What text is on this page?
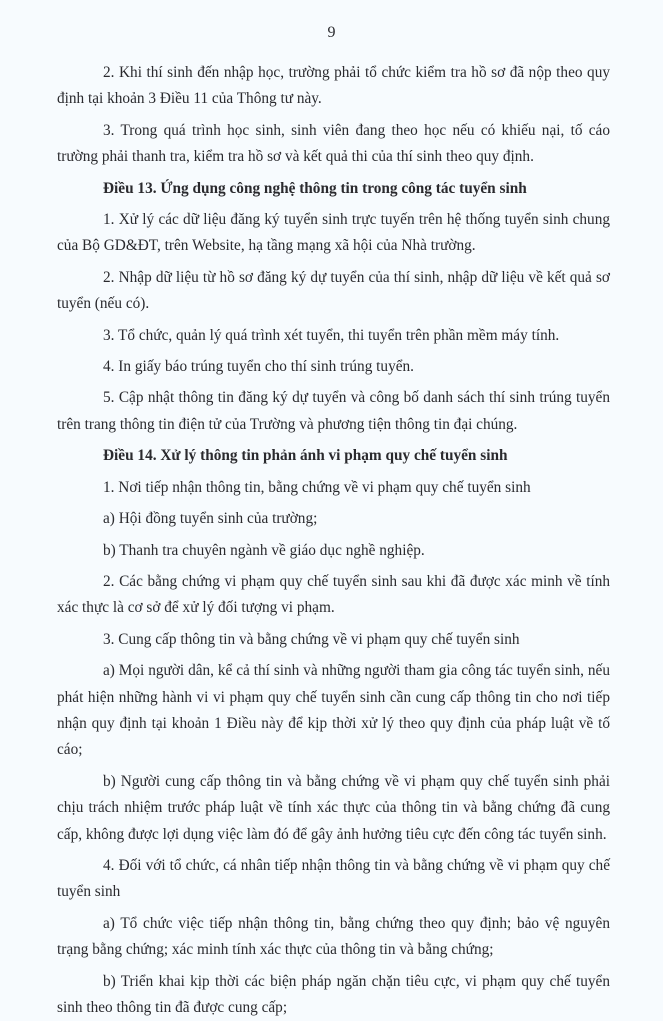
9

2. Khi thí sinh đến nhập học, trường phải tổ chức kiểm tra hồ sơ đã nộp theo quy định tại khoản 3 Điều 11 của Thông tư này.

3. Trong quá trình học sinh, sinh viên đang theo học nếu có khiếu nại, tố cáo trường phải thanh tra, kiểm tra hồ sơ và kết quả thi của thí sinh theo quy định.

Điều 13. Ứng dụng công nghệ thông tin trong công tác tuyển sinh

1. Xử lý các dữ liệu đăng ký tuyển sinh trực tuyến trên hệ thống tuyển sinh chung của Bộ GD&ĐT, trên Website, hạ tầng mạng xã hội của Nhà trường.

2. Nhập dữ liệu từ hồ sơ đăng ký dự tuyển của thí sinh, nhập dữ liệu về kết quả sơ tuyển (nếu có).

3. Tổ chức, quản lý quá trình xét tuyển, thi tuyển trên phần mềm máy tính.

4. In giấy báo trúng tuyển cho thí sinh trúng tuyển.

5. Cập nhật thông tin đăng ký dự tuyển và công bố danh sách thí sinh trúng tuyển trên trang thông tin điện tử của Trường và phương tiện thông tin đại chúng.

Điều 14. Xử lý thông tin phản ánh vi phạm quy chế tuyển sinh

1. Nơi tiếp nhận thông tin, bằng chứng về vi phạm quy chế tuyển sinh

a) Hội đồng tuyển sinh của trường;

b) Thanh tra chuyên ngành về giáo dục nghề nghiệp.

2. Các bằng chứng vi phạm quy chế tuyển sinh sau khi đã được xác minh về tính xác thực là cơ sở để xử lý đối tượng vi phạm.

3. Cung cấp thông tin và bằng chứng về vi phạm quy chế tuyển sinh

a) Mọi người dân, kể cả thí sinh và những người tham gia công tác tuyển sinh, nếu phát hiện những hành vi vi phạm quy chế tuyển sinh cần cung cấp thông tin cho nơi tiếp nhận quy định tại khoản 1 Điều này để kịp thời xử lý theo quy định của pháp luật về tố cáo;

b) Người cung cấp thông tin và bằng chứng về vi phạm quy chế tuyển sinh phải chịu trách nhiệm trước pháp luật về tính xác thực của thông tin và bằng chứng đã cung cấp, không được lợi dụng việc làm đó để gây ảnh hưởng tiêu cực đến công tác tuyển sinh.

4. Đối với tổ chức, cá nhân tiếp nhận thông tin và bằng chứng về vi phạm quy chế tuyển sinh

a) Tổ chức việc tiếp nhận thông tin, bằng chứng theo quy định; bảo vệ nguyên trạng bằng chứng; xác minh tính xác thực của thông tin và bằng chứng;

b) Triển khai kịp thời các biện pháp ngăn chặn tiêu cực, vi phạm quy chế tuyển sinh theo thông tin đã được cung cấp;
